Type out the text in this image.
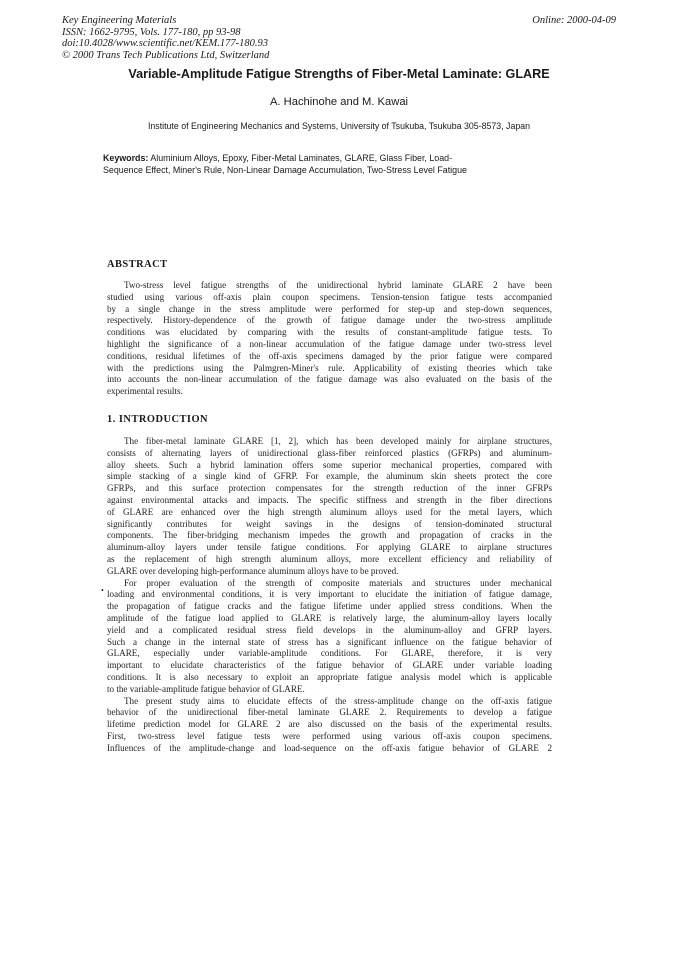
Key Engineering Materials
ISSN: 1662-9795, Vols. 177-180, pp 93-98
doi:10.4028/www.scientific.net/KEM.177-180.93
© 2000 Trans Tech Publications Ltd, Switzerland
Online: 2000-04-09
Variable-Amplitude Fatigue Strengths of Fiber-Metal Laminate: GLARE
A. Hachinohe and M. Kawai
Institute of Engineering Mechanics and Systems, University of Tsukuba, Tsukuba 305-8573, Japan
Keywords: Aluminium Alloys, Epoxy, Fiber-Metal Laminates, GLARE, Glass Fiber, Load-
Sequence Effect, Miner's Rule, Non-Linear Damage Accumulation, Two-Stress Level Fatigue
ABSTRACT
Two-stress level fatigue strengths of the unidirectional hybrid laminate GLARE 2 have been
studied using various off-axis plain coupon specimens. Tension-tension fatigue tests accompanied
by a single change in the stress amplitude were performed for step-up and step-down sequences,
respectively. History-dependence of the growth of fatigue damage under the two-stress amplitude
conditions was elucidated by comparing with the results of constant-amplitude fatigue tests. To
highlight the significance of a non-linear accumulation of the fatigue damage under two-stress level
conditions, residual lifetimes of the off-axis specimens damaged by the prior fatigue were compared
with the predictions using the Palmgren-Miner's rule. Applicability of existing theories which take
into accounts the non-linear accumulation of the fatigue damage was also evaluated on the basis of the
experimental results.
1. INTRODUCTION
The fiber-metal laminate GLARE [1, 2], which has been developed mainly for airplane structures,
consists of alternating layers of unidirectional glass-fiber reinforced plastics (GFRPs) and aluminum-
alloy sheets. Such a hybrid lamination offers some superior mechanical properties, compared with
simple stacking of a single kind of GFRP. For example, the aluminum skin sheets protect the core
GFRPs, and this surface protection compensates for the strength reduction of the inner GFRPs
against environmental attacks and impacts. The specific stiffness and strength in the fiber directions
of GLARE are enhanced over the high strength aluminum alloys used for the metal layers, which
significantly contributes for weight savings in the designs of tension-dominated structural
components. The fiber-bridging mechanism impedes the growth and propagation of cracks in the
aluminum-alloy layers under tensile fatigue conditions. For applying GLARE to airplane structures
as the replacement of high strength aluminum alloys, more excellent efficiency and reliability of
GLARE over developing high-performance aluminum alloys have to be proved.
For proper evaluation of the strength of composite materials and structures under mechanical
loading and environmental conditions, it is very important to elucidate the initiation of fatigue damage,
the propagation of fatigue cracks and the fatigue lifetime under applied stress conditions. When the
amplitude of the fatigue load applied to GLARE is relatively large, the aluminum-alloy layers locally
yield and a complicated residual stress field develops in the aluminum-alloy and GFRP layers.
Such a change in the internal state of stress has a significant influence on the fatigue behavior of
GLARE, especially under variable-amplitude conditions. For GLARE, therefore, it is very
important to elucidate characteristics of the fatigue behavior of GLARE under variable loading
conditions. It is also necessary to exploit an appropriate fatigue analysis model which is applicable
to the variable-amplitude fatigue behavior of GLARE.
The present study aims to elucidate effects of the stress-amplitude change on the off-axis fatigue
behavior of the unidirectional fiber-metal laminate GLARE 2. Requirements to develop a fatigue
lifetime prediction model for GLARE 2 are also discussed on the basis of the experimental results.
First, two-stress level fatigue tests were performed using various off-axis coupon specimens.
Influences of the amplitude-change and load-sequence on the off-axis fatigue behavior of GLARE 2
•
